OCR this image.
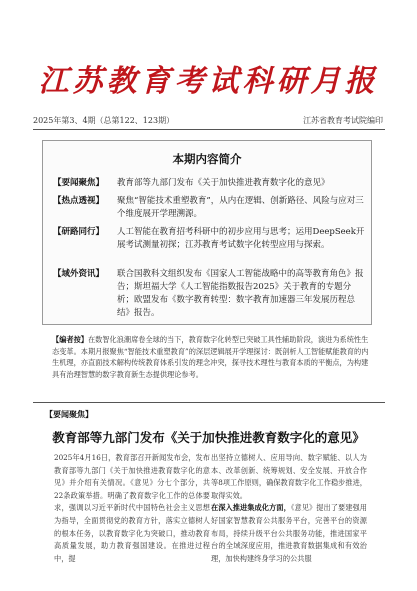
江苏教育考试科研月报
2025年第3、4期（总第122、123期）	江苏省教育考试院编印
本期内容简介
【要闻聚焦】	教育部等九部门发布《关于加快推进教育数字化的意见》
【热点透视】	聚焦“智能技术重塑教育”，从内在逻辑、创新路径、风险与应对三个维度展开学理溯源。
【研路同行】	人工智能在教育招考科研中的初步应用与思考；运用DeepSeek开展考试测量初探；江苏教育考试数字化转型应用与探索。
【域外资讯】	联合国教科文组织发布《国家人工智能战略中的高等教育角色》报告；斯坦福大学《人工智能指数报告2025》关于教育的专题分析；欧盟发布《数字教育转型：数字教育加速器三年发展历程总结》报告。
【编者按】在数智化浪潮席卷全球的当下，教育数字化转型已突破工具性辅助阶段，演进为系统性生态变革。本期月报聚焦“智能技术重塑教育”的深层逻辑展开学理探讨：既剖析人工智能赋能教育的内生机理，亦直面技术解构传统教育体系引发的理念冲突，探寻技术理性与教育本质的平衡点，为构建具有治理智慧的数字教育新生态提供理论参考。
【要闻聚焦】
教育部等九部门发布《关于加快推进教育数字化的意见》
2025年4月16日，教育部召开新闻发布会，发布教育部等九部门《关于加快推进教育数字化的意见》并介绍有关情况。《意见》分七个部分，共22条政策举措。明确了教育数字化工作的总体要求，强调以习近平新时代中国特色社会主义思想为指导，全面贯彻党的教育方针，落实立德树人的根本任务，以教育数字化为突破口，推动教育高质量发展，助力教育强国建设。在推进过程中，提
出坚持立德树人、应用导向、数字赋能、以人为本、改革创新、统筹规划、安全发展、开放合作等8项工作原则，确保教育数字化工作稳步推进，取得实效。
在深入推进集成化方面，《意见》提出了要建强用好国家智慧教育公共服务平台，完善平台的资源布局，持续升级平台公共服务功能，推进国家平台的全域深度应用，推进教育数据集成和有效治理，加快构建终身学习的公共服
